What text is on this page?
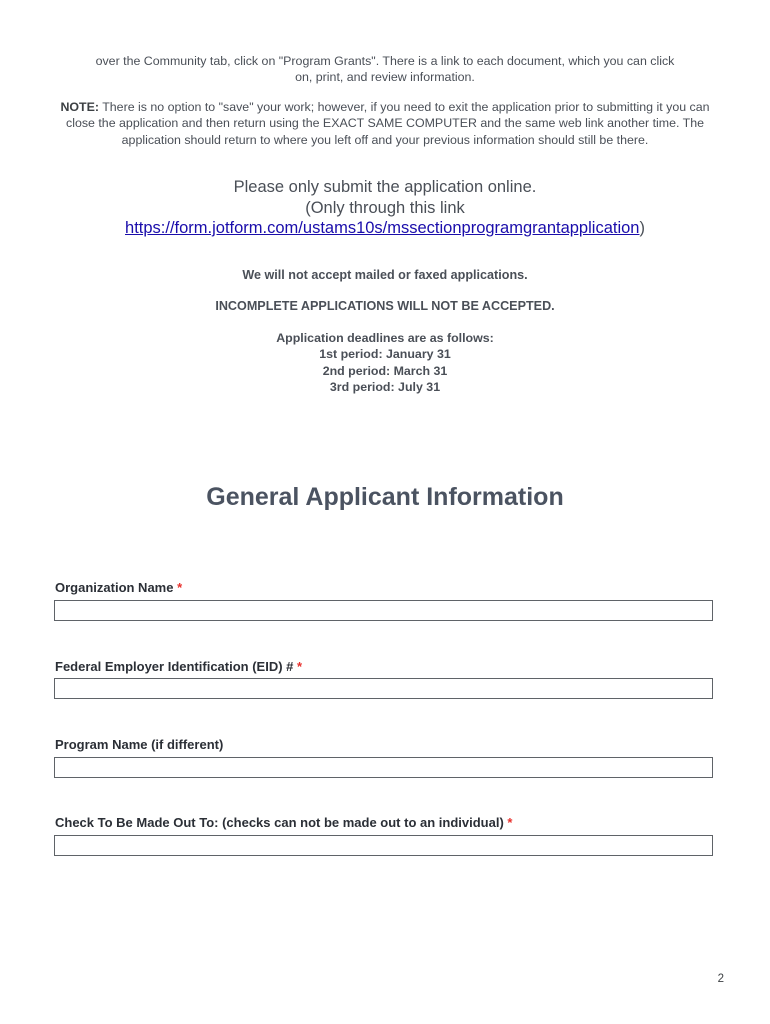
over the Community tab, click on "Program Grants". There is a link to each document, which you can click

on, print, and review information.

NOTE: There is no option to "save" your work; however, if you need to exit the application prior to submitting it you can close the application and then return using the EXACT SAME COMPUTER and the same web link another time. The application should return to where you left off and your previous information should still be there.
Please only submit the application online.
(Only through this link
https://form.jotform.com/ustams10s/mssectionprogramgrantapplication)
We will not accept mailed or faxed applications.
INCOMPLETE APPLICATIONS WILL NOT BE ACCEPTED.
Application deadlines are as follows:
1st period: January 31
2nd period: March 31
3rd period: July 31
General Applicant Information
Organization Name *
Federal Employer Identification (EID) # *
Program Name (if different)
Check To Be Made Out To: (checks can not be made out to an individual) *
2
